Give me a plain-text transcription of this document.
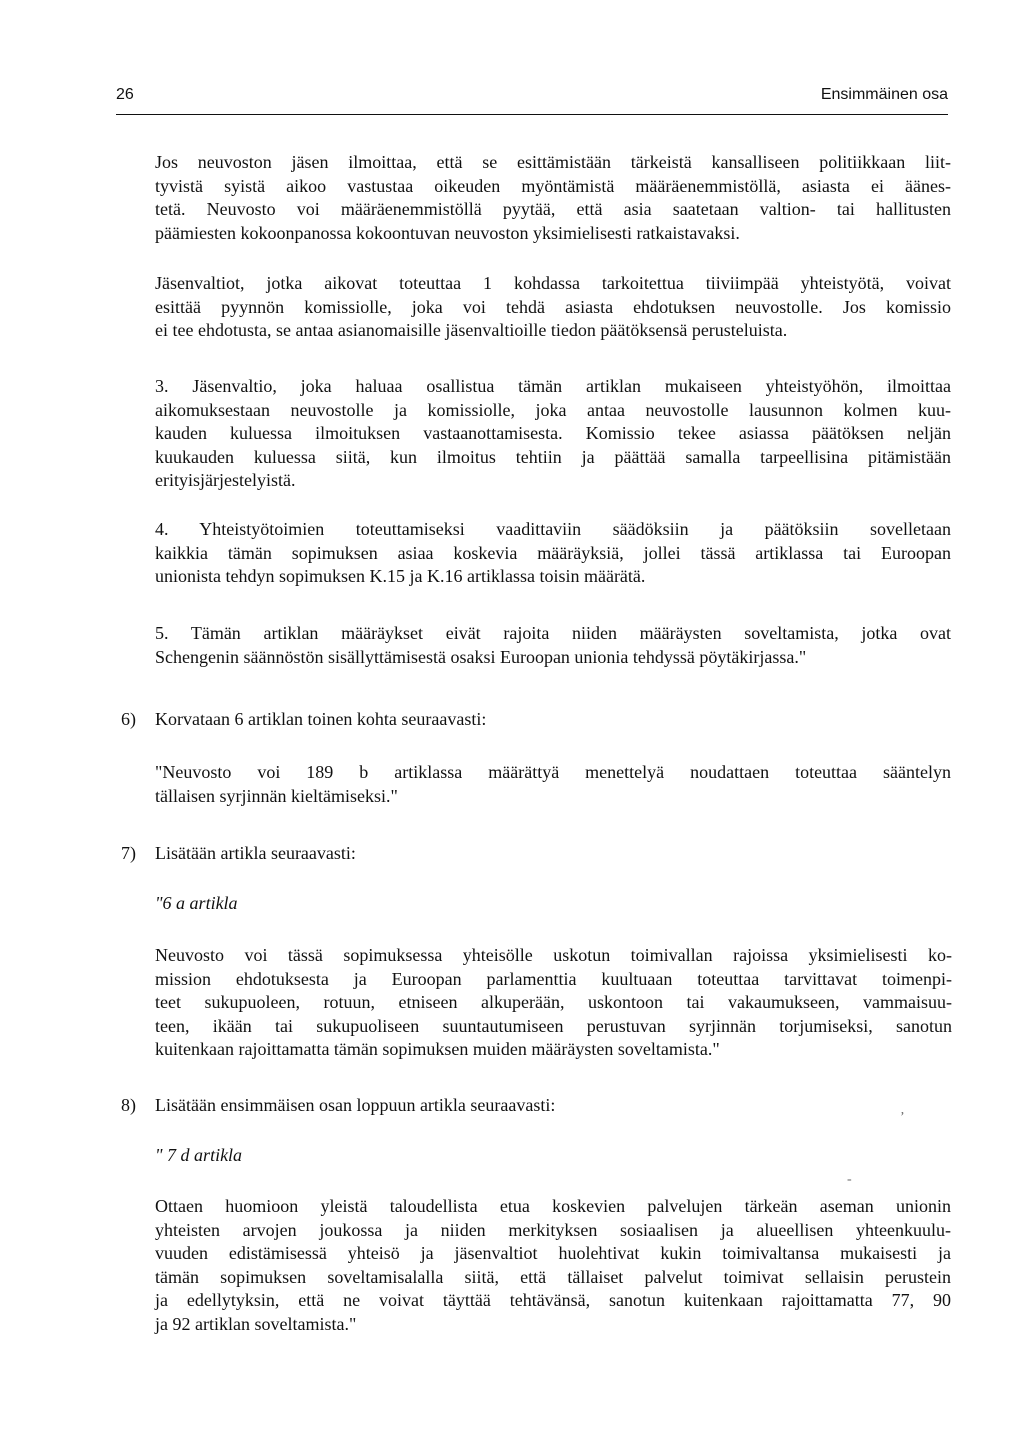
26	Ensimmäinen osa

Jos neuvoston jäsen ilmoittaa, että se esittämistään tärkeistä kansalliseen politiikkaan liit-
tyvistä syistä aikoo vastustaa oikeuden myöntämistä määräenemmistöllä, asiasta ei äänes-
tetä. Neuvosto voi määräenemmistöllä pyytää, että asia saatetaan valtion- tai hallitusten
päämiesten kokoonpanossa kokoontuvan neuvoston yksimielisesti ratkaistavaksi.

Jäsenvaltiot, jotka aikovat toteuttaa 1 kohdassa tarkoitettua tiiviimpää yhteistyötä, voivat
esittää pyynnön komissiolle, joka voi tehdä asiasta ehdotuksen neuvostolle. Jos komissio
ei tee ehdotusta, se antaa asianomaisille jäsenvaltioille tiedon päätöksensä perusteluista.

3. Jäsenvaltio, joka haluaa osallistua tämän artiklan mukaiseen yhteistyöhön, ilmoittaa
aikomuksestaan neuvostolle ja komissiolle, joka antaa neuvostolle lausunnon kolmen kuu-
kauden kuluessa ilmoituksen vastaanottamisesta. Komissio tekee asiassa päätöksen neljän
kuukauden kuluessa siitä, kun ilmoitus tehtiin ja päättää samalla tarpeellisina pitämistään
erityisjärjestelyistä.

4. Yhteistyötoimien toteuttamiseksi vaadittaviin säädöksiin ja päätöksiin sovelletaan
kaikkia tämän sopimuksen asiaa koskevia määräyksiä, jollei tässä artiklassa tai Euroopan
unionista tehdyn sopimuksen K.15 ja K.16 artiklassa toisin määrätä.

5. Tämän artiklan määräykset eivät rajoita niiden määräysten soveltamista, jotka ovat
Schengenin säännöstön sisällyttämisestä osaksi Euroopan unionia tehdyssä pöytäkirjassa."

6) Korvataan 6 artiklan toinen kohta seuraavasti:

"Neuvosto voi 189 b artiklassa määrättyä menettelyä noudattaen toteuttaa sääntelyn
tällaisen syrjinnän kieltämiseksi."

7) Lisätään artikla seuraavasti:
"6 a artikla

Neuvosto voi tässä sopimuksessa yhteisölle uskotun toimivallan rajoissa yksimielisesti ko-
mission ehdotuksesta ja Euroopan parlamenttia kuultuaan toteuttaa tarvittavat toimenpi-
teet sukupuoleen, rotuun, etniseen alkuperään, uskontoon tai vakaumukseen, vammaisuu-
teen, ikään tai sukupuoliseen suuntautumiseen perustuvan syrjinnän torjumiseksi, sanotun
kuitenkaan rajoittamatta tämän sopimuksen muiden määräysten soveltamista."

8) Lisätään ensimmäisen osan loppuun artikla seuraavasti:
" 7 d artikla

Ottaen huomioon yleistä taloudellista etua koskevien palvelujen tärkeän aseman unionin
yhteisten arvojen joukossa ja niiden merkityksen sosiaalisen ja alueellisen yhteenkuulu-
vuuden edistämisessä yhteisö ja jäsenvaltiot huolehtivat kukin toimivaltansa mukaisesti ja
tämän sopimuksen soveltamisalalla siitä, että tällaiset palvelut toimivat sellaisin perustein
ja edellytyksin, että ne voivat täyttää tehtävänsä, sanotun kuitenkaan rajoittamatta 77, 90
ja 92 artiklan soveltamista."

ʼ
‐
